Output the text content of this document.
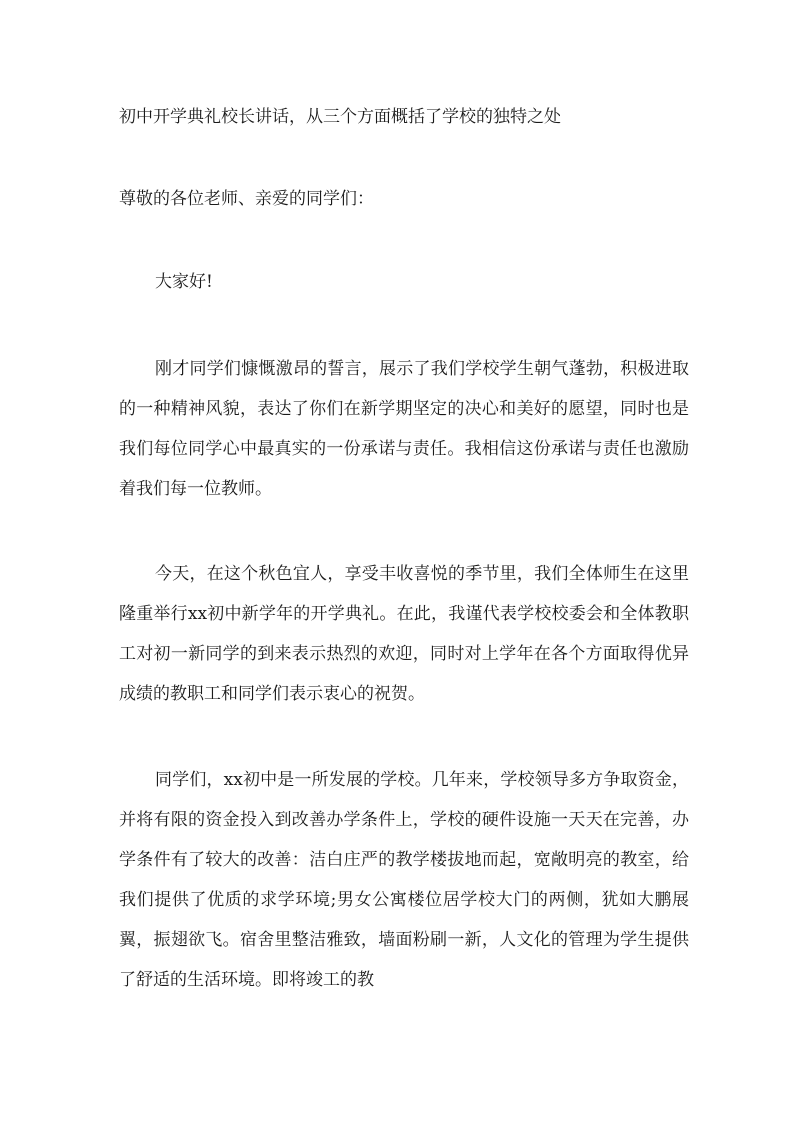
初中开学典礼校长讲话，从三个方面概括了学校的独特之处
尊敬的各位老师、亲爱的同学们：
大家好!

刚才同学们慷慨激昂的誓言，展示了我们学校学生朝气蓬勃，积极进取的一种精神风貌，表达了你们在新学期坚定的决心和美好的愿望，同时也是我们每位同学心中最真实的一份承诺与责任。我相信这份承诺与责任也激励着我们每一位教师。

今天，在这个秋色宜人，享受丰收喜悦的季节里，我们全体师生在这里隆重举行xx初中新学年的开学典礼。在此，我谨代表学校校委会和全体教职工对初一新同学的到来表示热烈的欢迎，同时对上学年在各个方面取得优异成绩的教职工和同学们表示衷心的祝贺。

同学们，xx初中是一所发展的学校。几年来，学校领导多方争取资金，并将有限的资金投入到改善办学条件上，学校的硬件设施一天天在完善，办学条件有了较大的改善：洁白庄严的教学楼拔地而起，宽敞明亮的教室，给我们提供了优质的求学环境;男女公寓楼位居学校大门的两侧，犹如大鹏展翼，振翅欲飞。宿舍里整洁雅致，墙面粉刷一新，人文化的管理为学生提供了舒适的生活环境。即将竣工的教
